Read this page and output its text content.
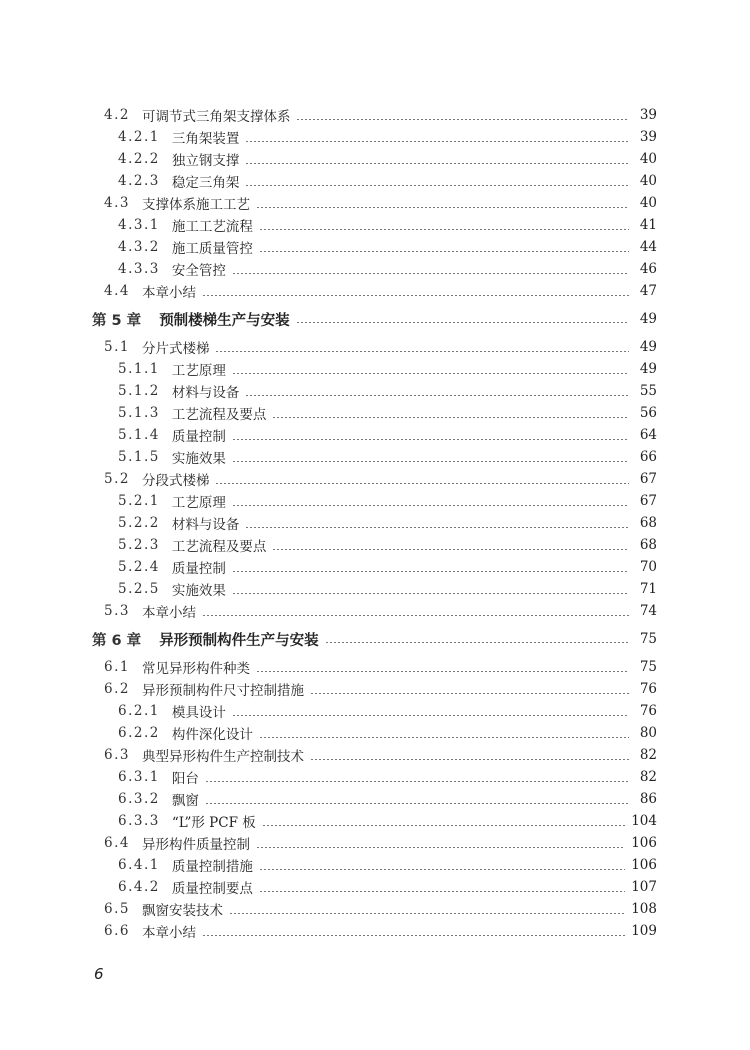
4.2 可调节式三角架支撑体系	39
4.2.1 三角架装置	39
4.2.2 独立钢支撑	40
4.2.3 稳定三角架	40
4.3 支撑体系施工工艺	40
4.3.1 施工工艺流程	41
4.3.2 施工质量管控	44
4.3.3 安全管控	46
4.4 本章小结	47
第 5 章 预制楼梯生产与安装	49
5.1 分片式楼梯	49
5.1.1 工艺原理	49
5.1.2 材料与设备	55
5.1.3 工艺流程及要点	56
5.1.4 质量控制	64
5.1.5 实施效果	66
5.2 分段式楼梯	67
5.2.1 工艺原理	67
5.2.2 材料与设备	68
5.2.3 工艺流程及要点	68
5.2.4 质量控制	70
5.2.5 实施效果	71
5.3 本章小结	74
第 6 章 异形预制构件生产与安装	75
6.1 常见异形构件种类	75
6.2 异形预制构件尺寸控制措施	76
6.2.1 模具设计	76
6.2.2 构件深化设计	80
6.3 典型异形构件生产控制技术	82
6.3.1 阳台	82
6.3.2 飘窗	86
6.3.3 “L”形 PCF 板	104
6.4 异形构件质量控制	106
6.4.1 质量控制措施	106
6.4.2 质量控制要点	107
6.5 飘窗安装技术	108
6.6 本章小结	109
6
